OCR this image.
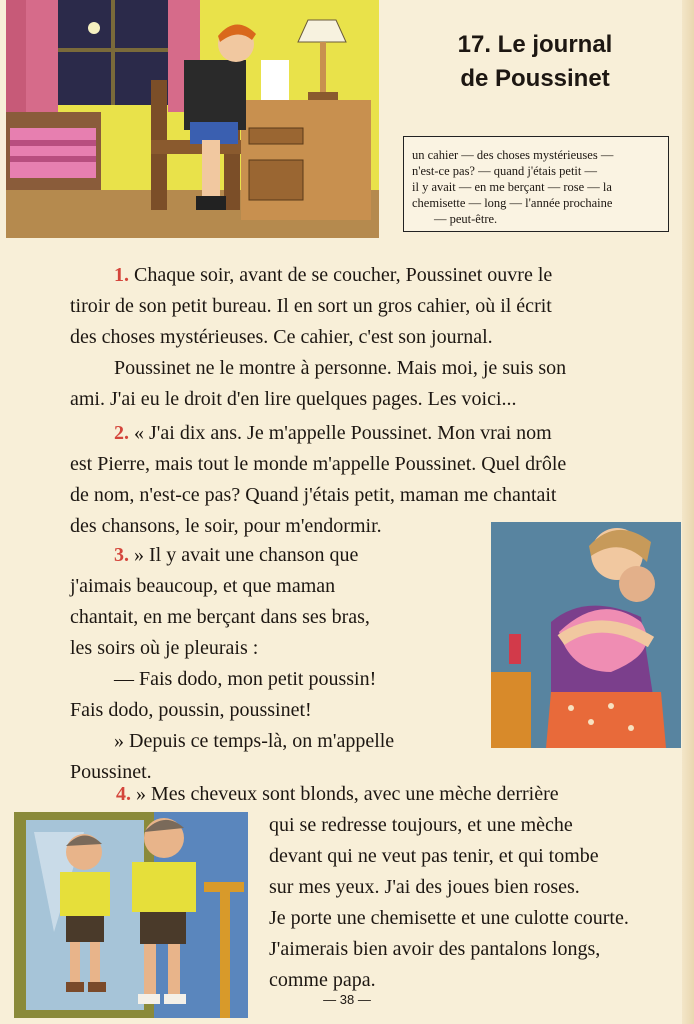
17. Le journal
de Poussinet
un cahier — des choses mystérieuses —
n'est-ce pas? — quand j'étais petit —
il y avait — en me berçant — rose — la
chemisette — long — l'année prochaine
— peut-être.
1. Chaque soir, avant de se coucher, Poussinet ouvre le
tiroir de son petit bureau. Il en sort un gros cahier, où il écrit
des choses mystérieuses. Ce cahier, c'est son journal.
Poussinet ne le montre à personne. Mais moi, je suis son
ami. J'ai eu le droit d'en lire quelques pages. Les voici...
2. « J'ai dix ans. Je m'appelle Poussinet. Mon vrai nom
est Pierre, mais tout le monde m'appelle Poussinet. Quel drôle
de nom, n'est-ce pas? Quand j'étais petit, maman me chantait
des chansons, le soir, pour m'endormir.
3. » Il y avait une chanson que
j'aimais beaucoup, et que maman
chantait, en me berçant dans ses bras,
les soirs où je pleurais :
— Fais dodo, mon petit poussin!
Fais dodo, poussin, poussinet!
» Depuis ce temps-là, on m'appelle
Poussinet.
4. » Mes cheveux sont blonds, avec une mèche derrière
qui se redresse toujours, et une mèche
devant qui ne veut pas tenir, et qui tombe
sur mes yeux. J'ai des joues bien roses.
Je porte une chemisette et une culotte courte.
J'aimerais bien avoir des pantalons longs,
comme papa.
— 38 —
